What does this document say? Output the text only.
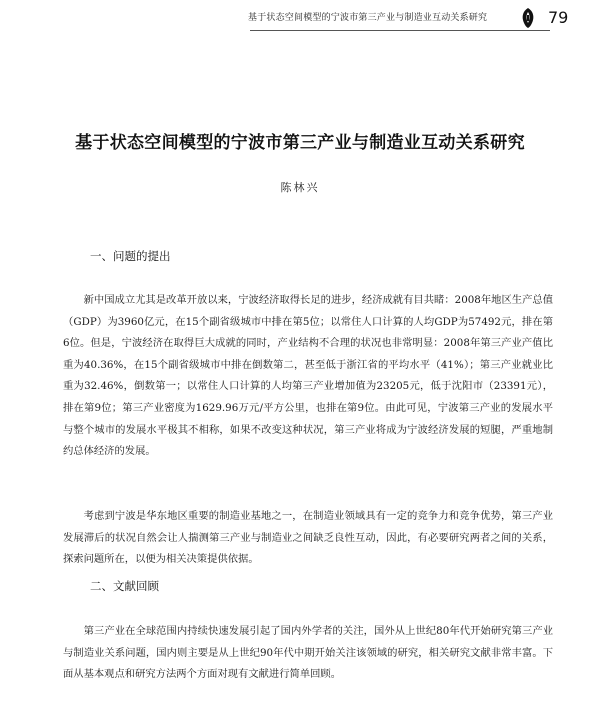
基于状态空间模型的宁波市第三产业与制造业互动关系研究	79
基于状态空间模型的宁波市第三产业与制造业互动关系研究
陈林兴
一、问题的提出

新中国成立尤其是改革开放以来，宁波经济取得长足的进步，经济成就有目共睹：2008年地区生产总值（GDP）为3960亿元，在15个副省级城市中排在第5位；以常住人口计算的人均GDP为57492元，排在第6位。但是，宁波经济在取得巨大成就的同时，产业结构不合理的状况也非常明显：2008年第三产业产值比重为40.36%，在15个副省级城市中排在倒数第二，甚至低于浙江省的平均水平（41%）；第三产业就业比重为32.46%，倒数第一；以常住人口计算的人均第三产业增加值为23205元，低于沈阳市（23391元），排在第9位；第三产业密度为1629.96万元/平方公里，也排在第9位。由此可见，宁波第三产业的发展水平与整个城市的发展水平极其不相称，如果不改变这种状况，第三产业将成为宁波经济发展的短腿，严重地制约总体经济的发展。

考虑到宁波是华东地区重要的制造业基地之一，在制造业领域具有一定的竞争力和竞争优势，第三产业发展滞后的状况自然会让人揣测第三产业与制造业之间缺乏良性互动，因此，有必要研究两者之间的关系，探索问题所在，以便为相关决策提供依据。

二、文献回顾

第三产业在全球范围内持续快速发展引起了国内外学者的关注，国外从上世纪80年代开始研究第三产业与制造业关系问题，国内则主要是从上世纪90年代中期开始关注该领域的研究，相关研究文献非常丰富。下面从基本观点和研究方法两个方面对现有文献进行简单回顾。
